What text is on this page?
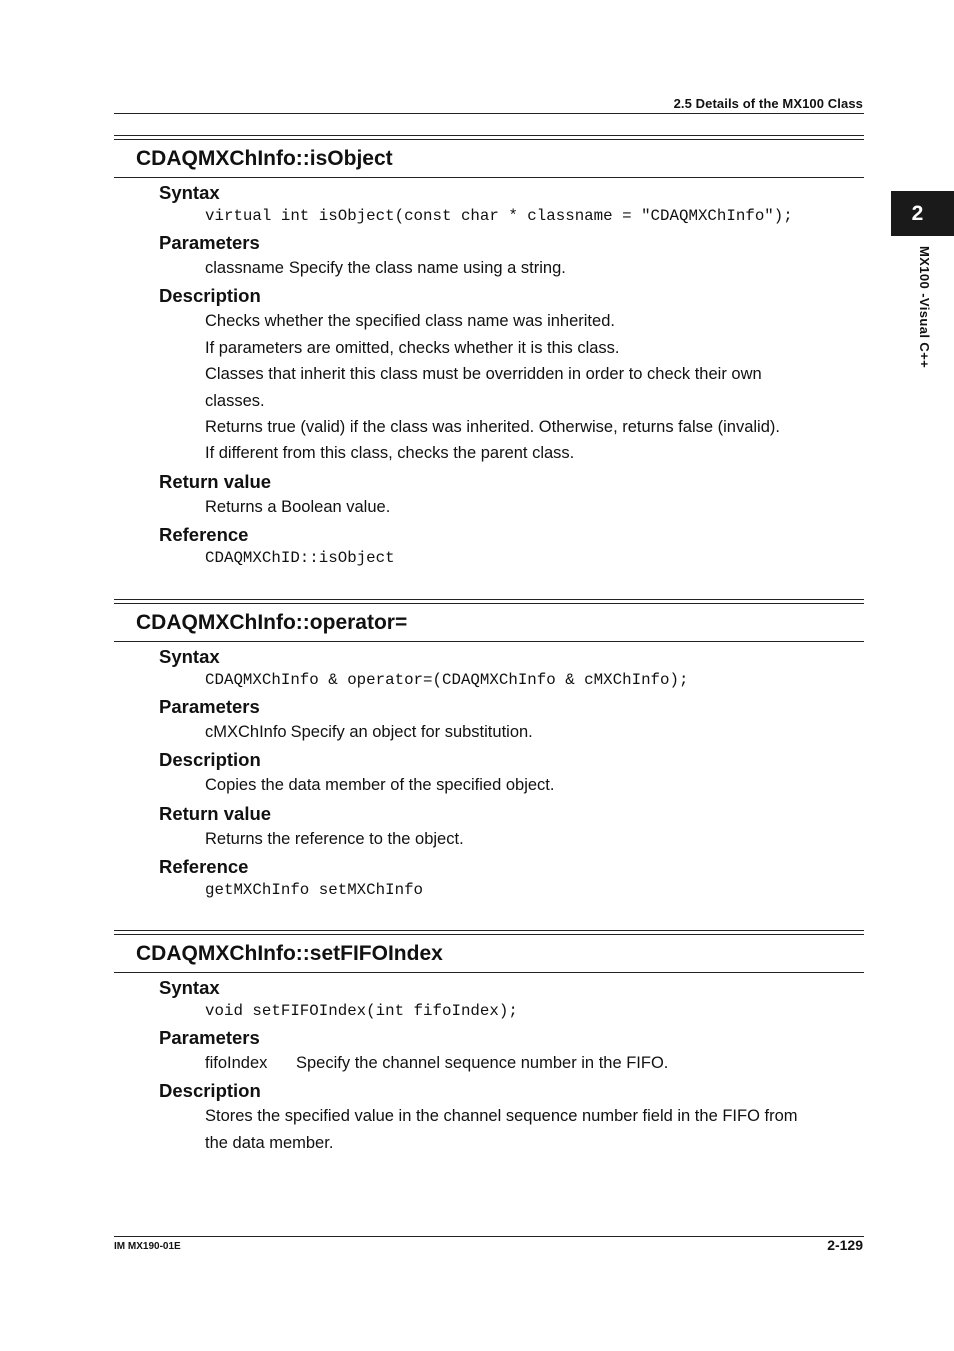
2.5 Details of the MX100 Class
2
MX100 -Visual C++
CDAQMXChInfo::isObject
Syntax
virtual int isObject(const char * classname = "CDAQMXChInfo");
Parameters
classname Specify the class name using a string.
Description
Checks whether the specified class name was inherited.
If parameters are omitted, checks whether it is this class.
Classes that inherit this class must be overridden in order to check their own
classes.
Returns true (valid) if the class was inherited. Otherwise, returns false (invalid).
If different from this class, checks the parent class.
Return value
Returns a Boolean value.
Reference
CDAQMXChID::isObject
CDAQMXChInfo::operator=
Syntax
CDAQMXChInfo & operator=(CDAQMXChInfo & cMXChInfo);
Parameters
cMXChInfo Specify an object for substitution.
Description
Copies the data member of the specified object.
Return value
Returns the reference to the object.
Reference
getMXChInfo setMXChInfo
CDAQMXChInfo::setFIFOIndex
Syntax
void setFIFOIndex(int fifoIndex);
Parameters
fifoIndex	Specify the channel sequence number in the FIFO.
Description
Stores the specified value in the channel sequence number field in the FIFO from
the data member.
IM MX190-01E	2-129
